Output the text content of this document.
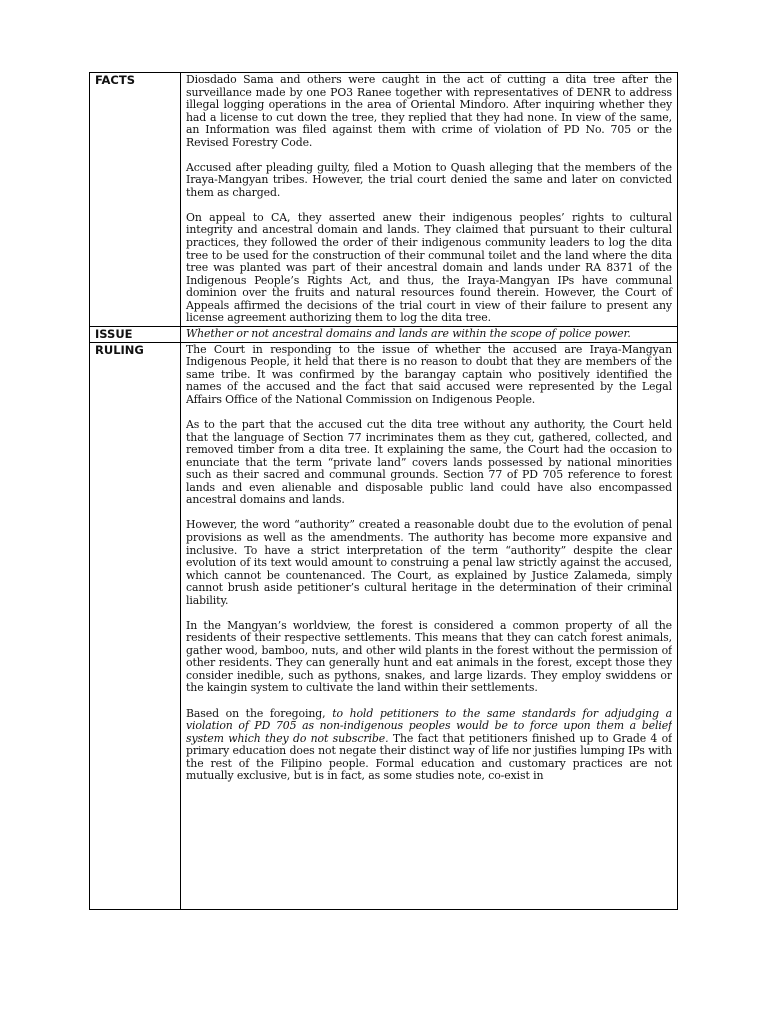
FACTS	Diosdado Sama and others were caught in the act of cutting a dita tree after the surveillance made by one PO3 Ranee together with representatives of DENR to address illegal logging operations in the area of Oriental Mindoro. After inquiring whether they had a license to cut down the tree, they replied that they had none. In view of the same, an Information was filed against them with crime of violation of PD No. 705 or the Revised Forestry Code.

Accused after pleading guilty, filed a Motion to Quash alleging that the members of the Iraya-Mangyan tribes. However, the trial court denied the same and later on convicted them as charged.

On appeal to CA, they asserted anew their indigenous peoples’ rights to cultural integrity and ancestral domain and lands. They claimed that pursuant to their cultural practices, they followed the order of their indigenous community leaders to log the dita tree to be used for the construction of their communal toilet and the land where the dita tree was planted was part of their ancestral domain and lands under RA 8371 of the Indigenous People’s Rights Act, and thus, the Iraya-Mangyan IPs have communal dominion over the fruits and natural resources found therein. However, the Court of Appeals affirmed the decisions of the trial court in view of their failure to present any license agreement authorizing them to log the dita tree.

ISSUE	Whether or not ancestral domains and lands are within the scope of police power.

RULING	The Court in responding to the issue of whether the accused are Iraya-Mangyan Indigenous People, it held that there is no reason to doubt that they are members of the same tribe. It was confirmed by the barangay captain who positively identified the names of the accused and the fact that said accused were represented by the Legal Affairs Office of the National Commission on Indigenous People.

As to the part that the accused cut the dita tree without any authority, the Court held that the language of Section 77 incriminates them as they cut, gathered, collected, and removed timber from a dita tree. It explaining the same, the Court had the occasion to enunciate that the term “private land” covers lands possessed by national minorities such as their sacred and communal grounds. Section 77 of PD 705 reference to forest lands and even alienable and disposable public land could have also encompassed ancestral domains and lands.

However, the word “authority” created a reasonable doubt due to the evolution of penal provisions as well as the amendments. The authority has become more expansive and inclusive. To have a strict interpretation of the term “authority” despite the clear evolution of its text would amount to construing a penal law strictly against the accused, which cannot be countenanced. The Court, as explained by Justice Zalameda, simply cannot brush aside petitioner’s cultural heritage in the determination of their criminal liability.

In the Mangyan’s worldview, the forest is considered a common property of all the residents of their respective settlements. This means that they can catch forest animals, gather wood, bamboo, nuts, and other wild plants in the forest without the permission of other residents. They can generally hunt and eat animals in the forest, except those they consider inedible, such as pythons, snakes, and large lizards. They employ swiddens or the kaingin system to cultivate the land within their settlements.

Based on the foregoing, to hold petitioners to the same standards for adjudging a violation of PD 705 as non-indigenous peoples would be to force upon them a belief system which they do not subscribe. The fact that petitioners finished up to Grade 4 of primary education does not negate their distinct way of life nor justifies lumping IPs with the rest of the Filipino people. Formal education and customary practices are not mutually exclusive, but is in fact, as some studies note, co-exist in
